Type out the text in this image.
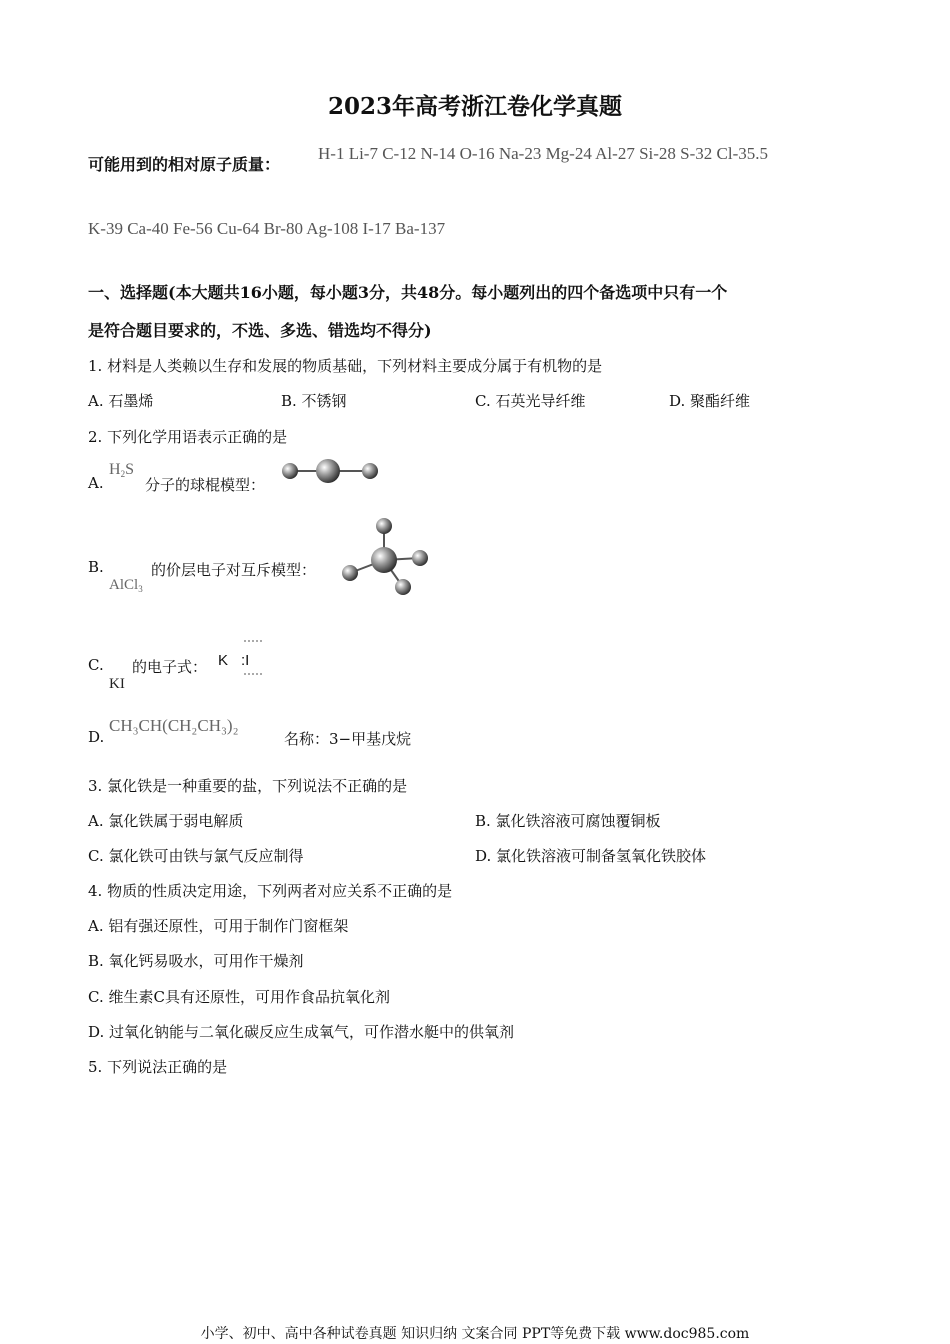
2023年高考浙江卷化学真题
可能用到的相对原子质量：
H-1 Li-7 C-12 N-14 O-16 Na-23 Mg-24 Al-27 Si-28 S-32 Cl-35.5
K-39 Ca-40 Fe-56 Cu-64 Br-80 Ag-108 I-17 Ba-137
一、选择题(本大题共16小题，每小题3分，共48分。每小题列出的四个备选项中只有一个
是符合题目要求的，不选、多选、错选均不得分)
1. 材料是人类赖以生存和发展的物质基础，下列材料主要成分属于有机物的是
A. 石墨烯	B. 不锈钢	C. 石英光导纤维	D. 聚酯纤维
2. 下列化学用语表示正确的是
A.
$H_2S$
分子的球棍模型：
B.
AlCl$_3$
的价层电子对互斥模型：
C.
KI
的电子式： K :I
D.
CH₃CH(CH₂CH₃)₂
名称：3−甲基戊烷
3. 氯化铁是一种重要的盐，下列说法不正确的是
A. 氯化铁属于弱电解质	B. 氯化铁溶液可腐蚀覆铜板
C. 氯化铁可由铁与氯气反应制得	D. 氯化铁溶液可制备氢氧化铁胶体
4. 物质的性质决定用途，下列两者对应关系不正确的是
A. 铝有强还原性，可用于制作门窗框架
B. 氧化钙易吸水，可用作干燥剂
C. 维生素C具有还原性，可用作食品抗氧化剂
D. 过氧化钠能与二氧化碳反应生成氧气，可作潜水艇中的供氧剂
5. 下列说法正确的是
小学、初中、高中各种试卷真题 知识归纳 文案合同 PPT等免费下载 www.doc985.com
